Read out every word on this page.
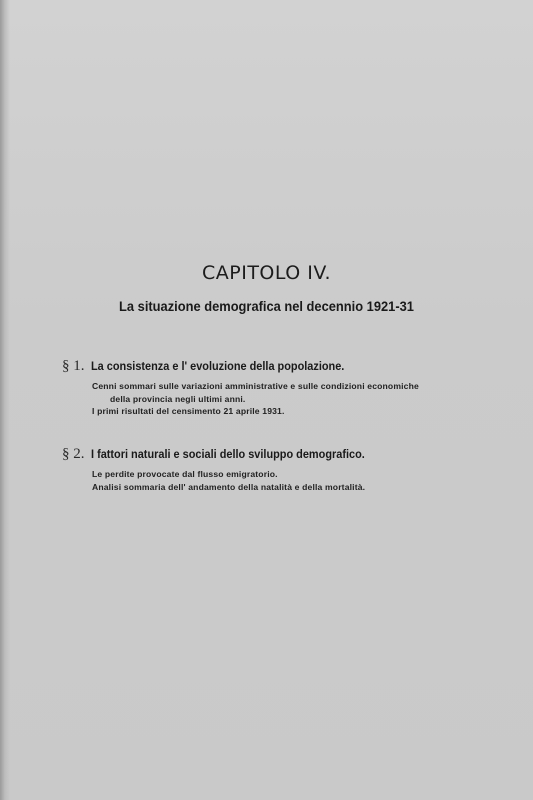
CAPITOLO IV.
La situazione demografica nel decennio 1921-31
§ 1. La consistenza e l' evoluzione della popolazione.
Cenni sommari sulle variazioni amministrative e sulle condizioni economiche
della provincia negli ultimi anni.
I primi risultati del censimento 21 aprile 1931.
§ 2. I fattori naturali e sociali dello sviluppo demografico.
Le perdite provocate dal flusso emigratorio.
Analisi sommaria dell' andamento della natalità e della mortalità.
